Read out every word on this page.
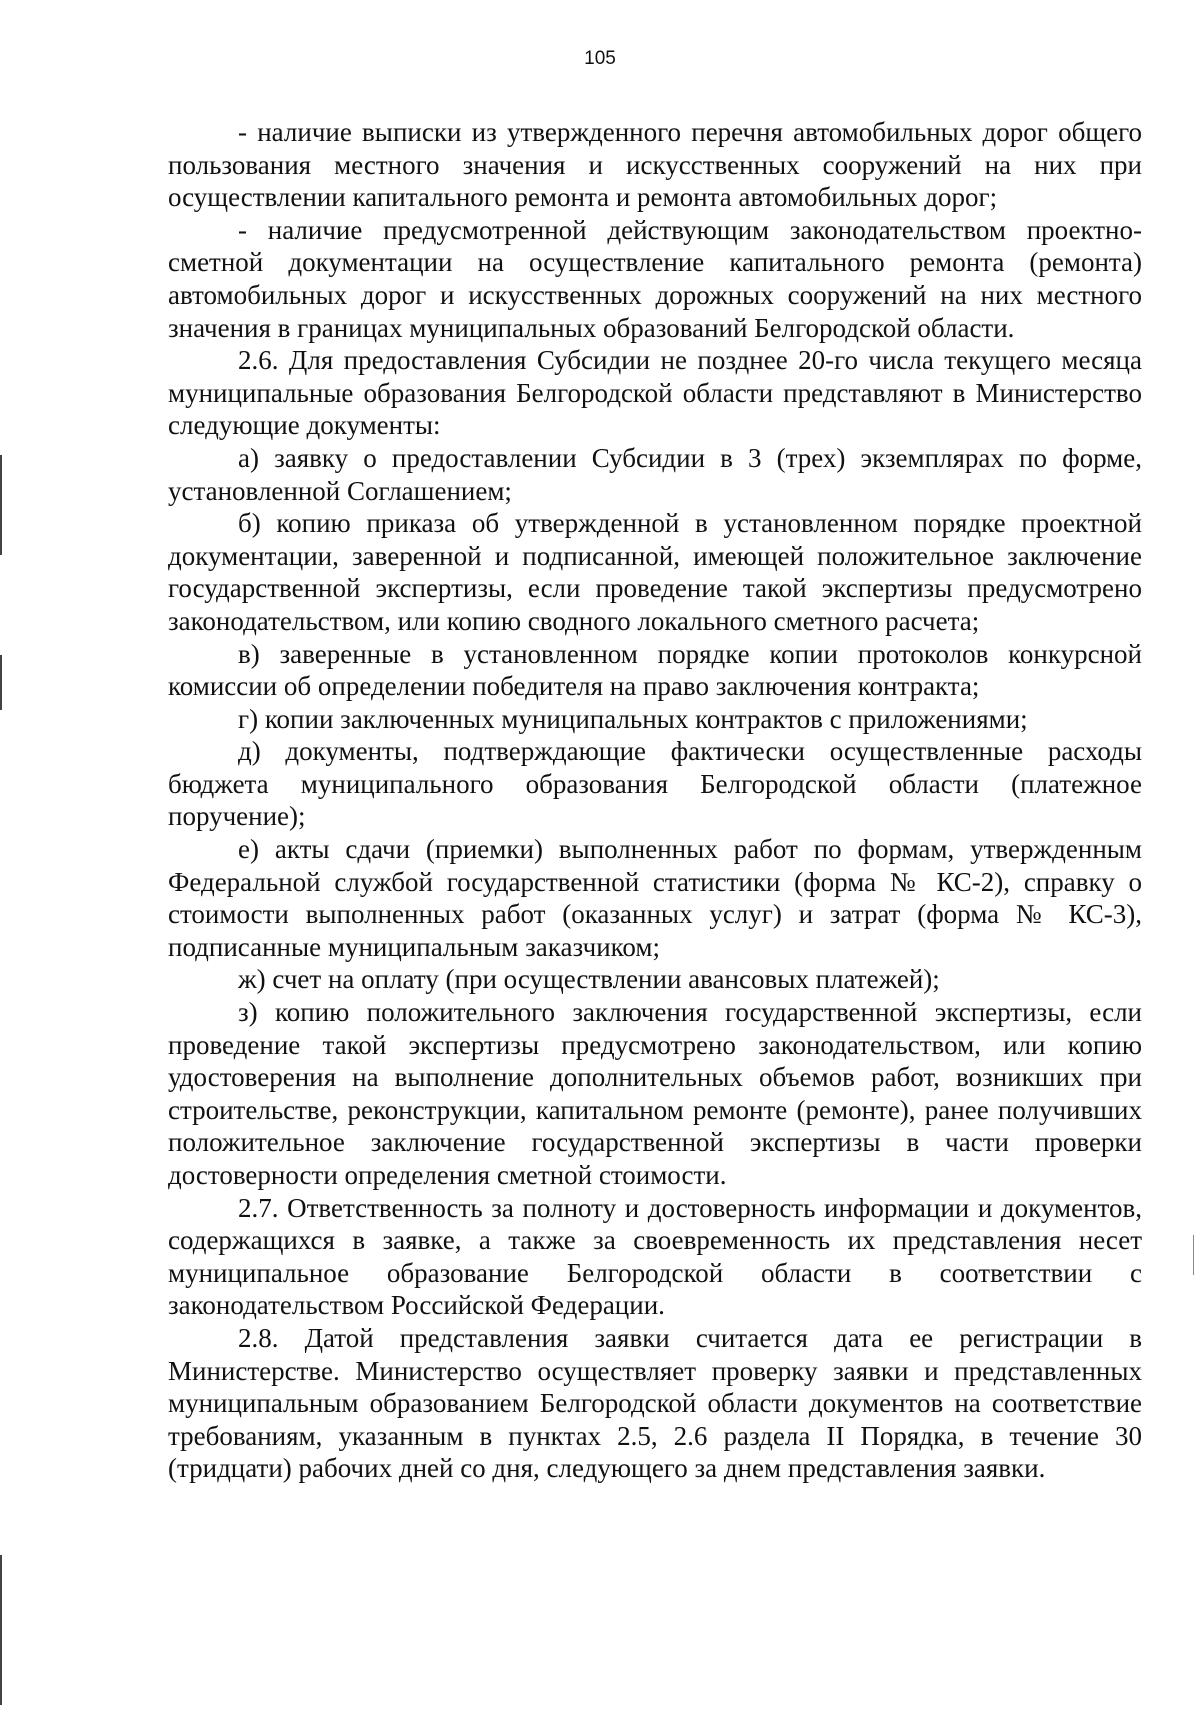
105

- наличие выписки из утвержденного перечня автомобильных дорог общего пользования местного значения и искусственных сооружений на них при осуществлении капитального ремонта и ремонта автомобильных дорог;

- наличие предусмотренной действующим законодательством проектно-сметной документации на осуществление капитального ремонта (ремонта) автомобильных дорог и искусственных дорожных сооружений на них местного значения в границах муниципальных образований Белгородской области.

2.6. Для предоставления Субсидии не позднее 20-го числа текущего месяца муниципальные образования Белгородской области представляют в Министерство следующие документы:

а) заявку о предоставлении Субсидии в 3 (трех) экземплярах по форме, установленной Соглашением;

б) копию приказа об утвержденной в установленном порядке проектной документации, заверенной и подписанной, имеющей положительное заключение государственной экспертизы, если проведение такой экспертизы предусмотрено законодательством, или копию сводного локального сметного расчета;

в) заверенные в установленном порядке копии протоколов конкурсной комиссии об определении победителя на право заключения контракта;

г) копии заключенных муниципальных контрактов с приложениями;

д) документы, подтверждающие фактически осуществленные расходы бюджета муниципального образования Белгородской области (платежное поручение);

е) акты сдачи (приемки) выполненных работ по формам, утвержденным Федеральной службой государственной статистики (форма № КС-2), справку о стоимости выполненных работ (оказанных услуг) и затрат (форма № КС-3), подписанные муниципальным заказчиком;

ж) счет на оплату (при осуществлении авансовых платежей);

з) копию положительного заключения государственной экспертизы, если проведение такой экспертизы предусмотрено законодательством, или копию удостоверения на выполнение дополнительных объемов работ, возникших при строительстве, реконструкции, капитальном ремонте (ремонте), ранее получивших положительное заключение государственной экспертизы в части проверки достоверности определения сметной стоимости.

2.7. Ответственность за полноту и достоверность информации и документов, содержащихся в заявке, а также за своевременность их представления несет муниципальное образование Белгородской области в соответствии с законодательством Российской Федерации.

2.8. Датой представления заявки считается дата ее регистрации в Министерстве. Министерство осуществляет проверку заявки и представленных муниципальным образованием Белгородской области документов на соответствие требованиям, указанным в пунктах 2.5, 2.6 раздела II Порядка, в течение 30 (тридцати) рабочих дней со дня, следующего за днем представления заявки.
